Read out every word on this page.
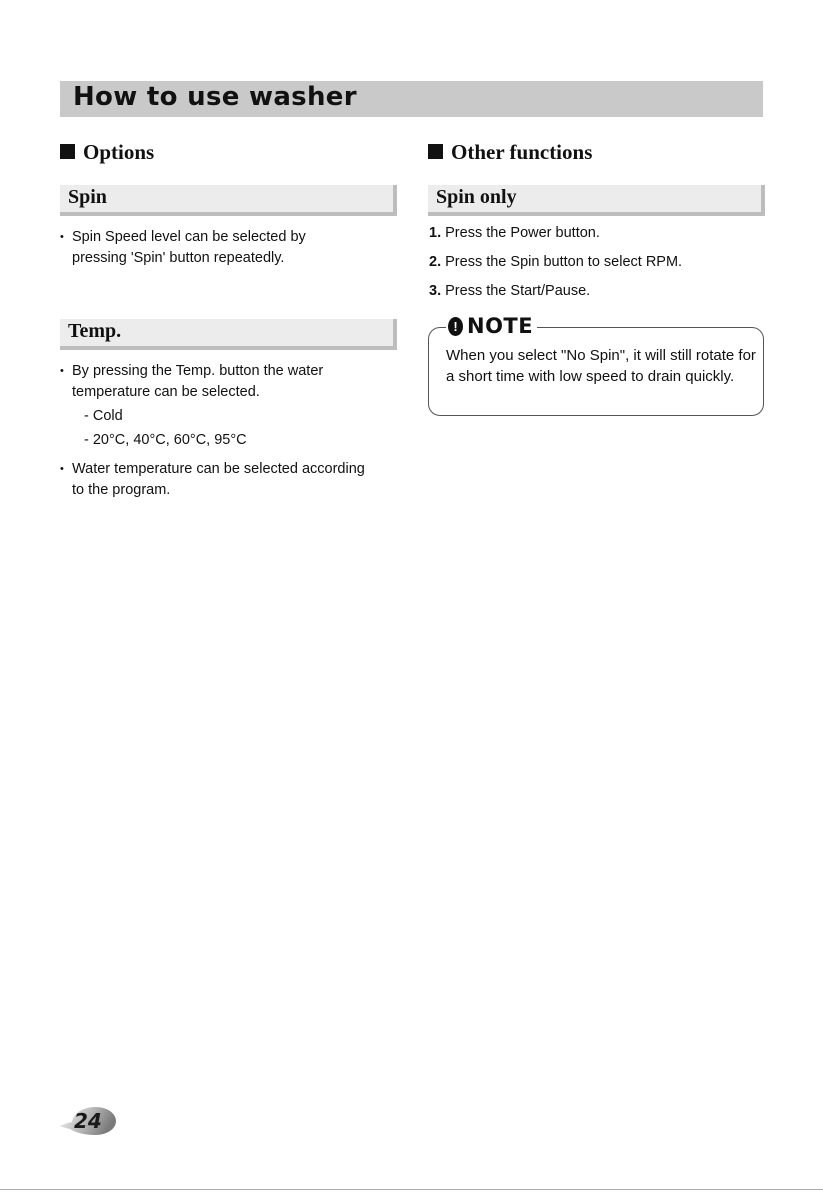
How to use washer
Options
Spin
• Spin Speed level can be selected by pressing 'Spin' button repeatedly.
Temp.
• By pressing the Temp. button the water temperature can be selected.
- Cold
- 20°C, 40°C, 60°C, 95°C
• Water temperature can be selected according to the program.
Other functions
Spin only
1. Press the Power button.
2. Press the Spin button to select RPM.
3. Press the Start/Pause.
! NOTE
When you select "No Spin", it will still rotate for a short time with low speed to drain quickly.
24
